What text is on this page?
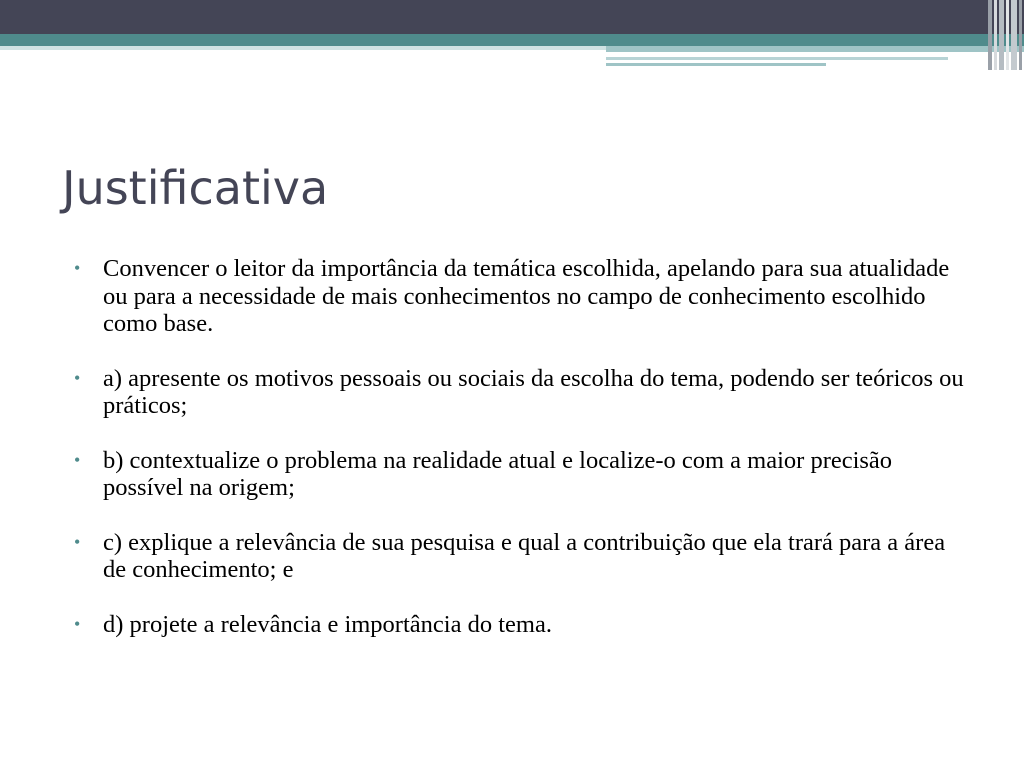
Justificativa
• Convencer o leitor da importância da temática escolhida, apelando para sua atualidade ou para a necessidade de mais conhecimentos no campo de conhecimento escolhido como base.
• a) apresente os motivos pessoais ou sociais da escolha do tema, podendo ser teóricos ou práticos;
• b) contextualize o problema na realidade atual e localize-o com a maior precisão possível na origem;
• c) explique a relevância de sua pesquisa e qual a contribuição que ela trará para a área de conhecimento; e
• d) projete a relevância e importância do tema.
